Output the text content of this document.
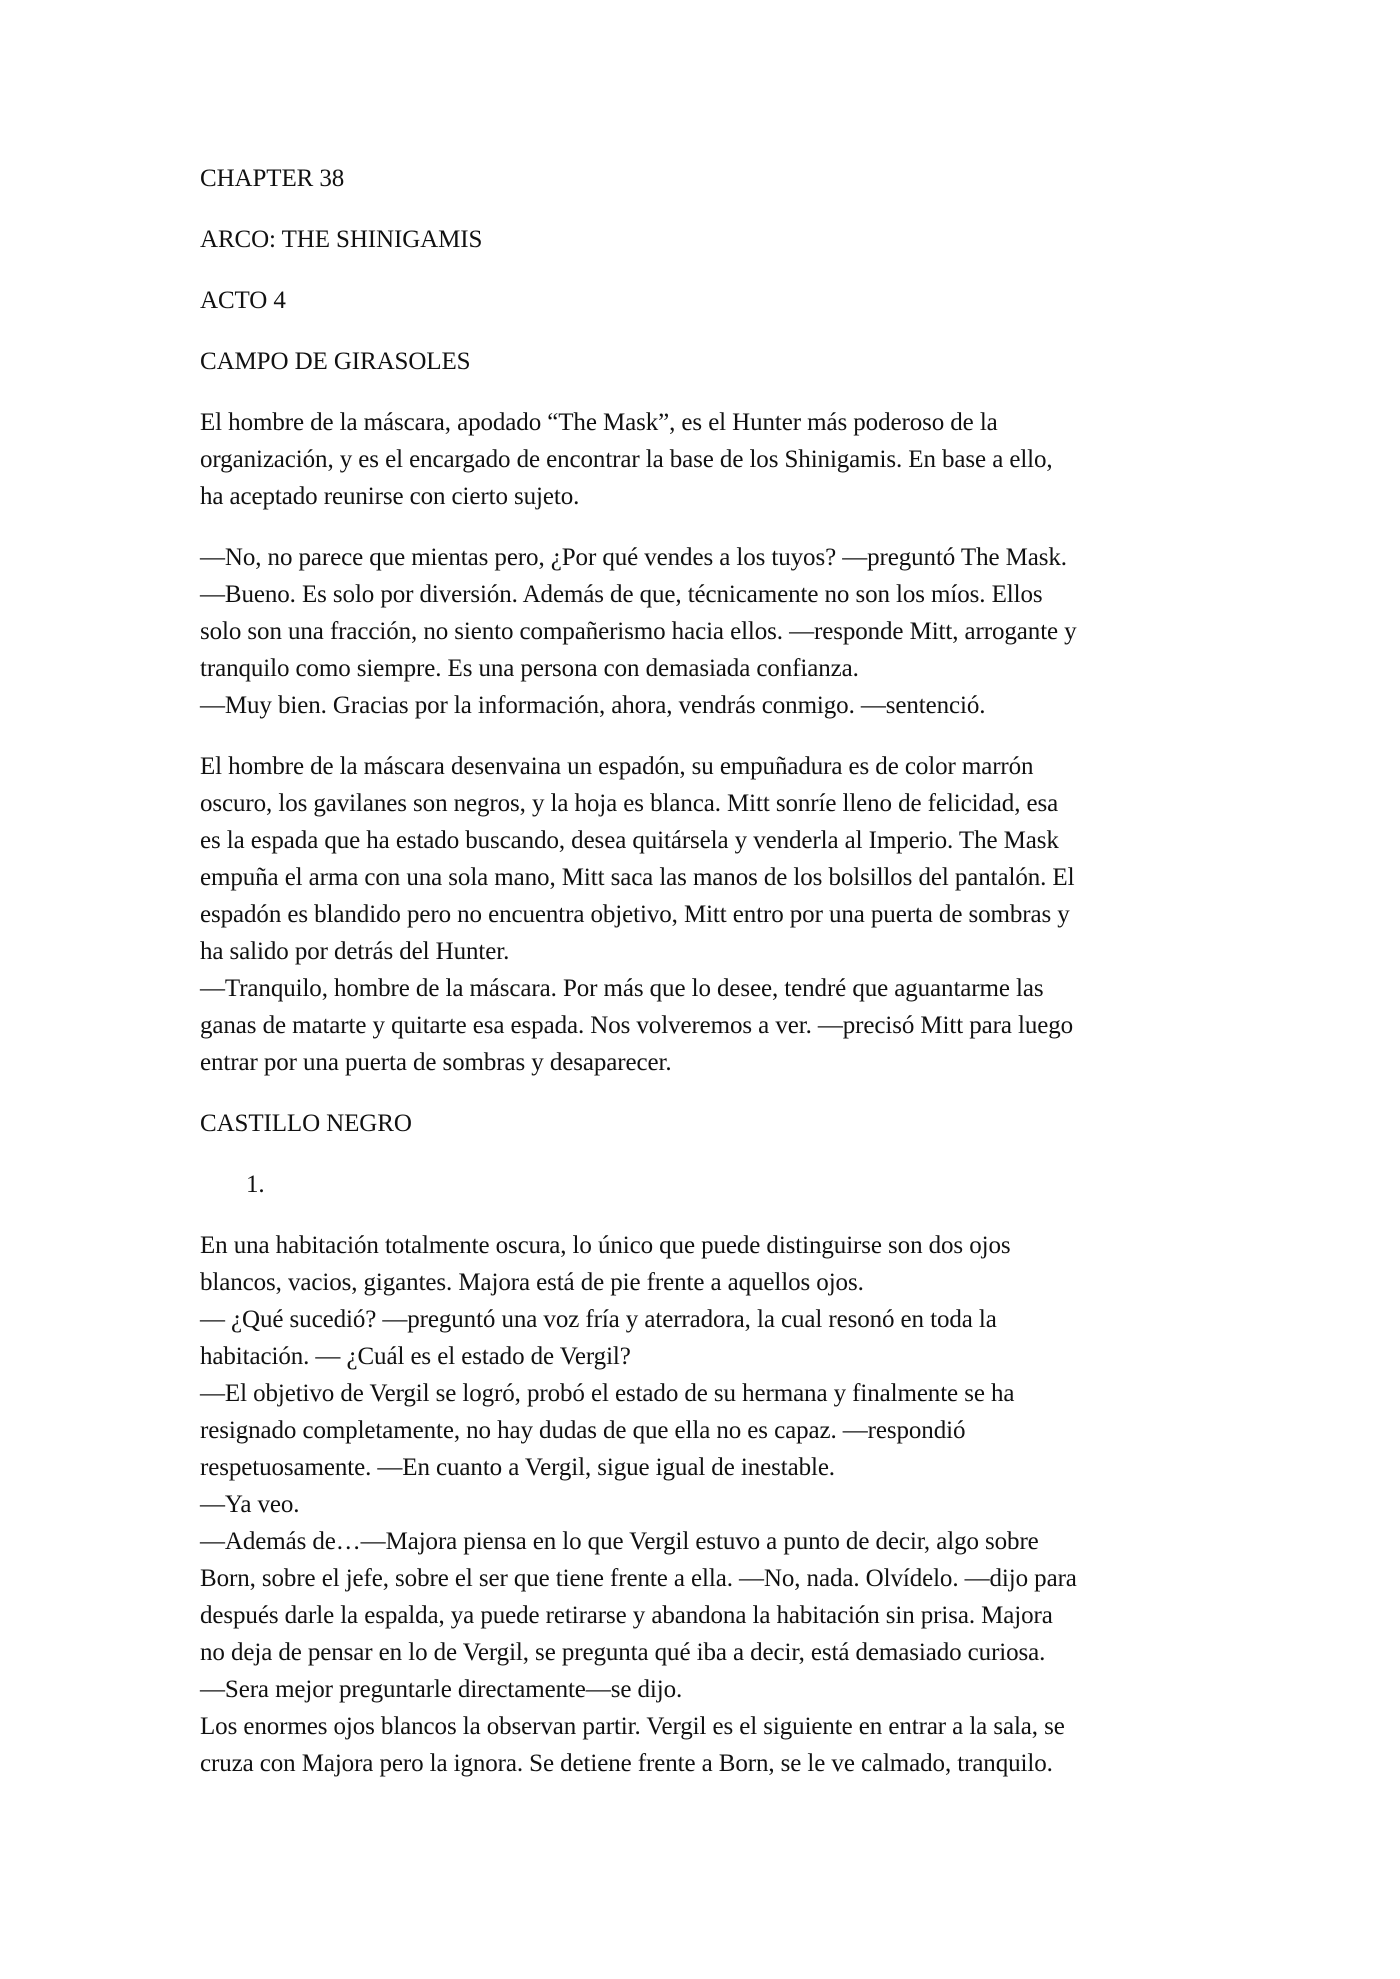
CHAPTER 38
ARCO: THE SHINIGAMIS
ACTO 4
CAMPO DE GIRASOLES
El hombre de la máscara, apodado “The Mask”, es el Hunter más poderoso de la
organización, y es el encargado de encontrar la base de los Shinigamis. En base a ello,
ha aceptado reunirse con cierto sujeto.
—No, no parece que mientas pero, ¿Por qué vendes a los tuyos? —preguntó The Mask.
—Bueno. Es solo por diversión. Además de que, técnicamente no son los míos. Ellos
solo son una fracción, no siento compañerismo hacia ellos. —responde Mitt, arrogante y
tranquilo como siempre. Es una persona con demasiada confianza.
—Muy bien. Gracias por la información, ahora, vendrás conmigo. —sentenció.
El hombre de la máscara desenvaina un espadón, su empuñadura es de color marrón
oscuro, los gavilanes son negros, y la hoja es blanca. Mitt sonríe lleno de felicidad, esa
es la espada que ha estado buscando, desea quitársela y venderla al Imperio. The Mask
empuña el arma con una sola mano, Mitt saca las manos de los bolsillos del pantalón. El
espadón es blandido pero no encuentra objetivo, Mitt entro por una puerta de sombras y
ha salido por detrás del Hunter.
—Tranquilo, hombre de la máscara. Por más que lo desee, tendré que aguantarme las
ganas de matarte y quitarte esa espada. Nos volveremos a ver. —precisó Mitt para luego
entrar por una puerta de sombras y desaparecer.
CASTILLO NEGRO
1.
En una habitación totalmente oscura, lo único que puede distinguirse son dos ojos
blancos, vacios, gigantes. Majora está de pie frente a aquellos ojos.
— ¿Qué sucedió? —preguntó una voz fría y aterradora, la cual resonó en toda la
habitación. — ¿Cuál es el estado de Vergil?
—El objetivo de Vergil se logró, probó el estado de su hermana y finalmente se ha
resignado completamente, no hay dudas de que ella no es capaz. —respondió
respetuosamente. —En cuanto a Vergil, sigue igual de inestable.
—Ya veo.
—Además de…—Majora piensa en lo que Vergil estuvo a punto de decir, algo sobre
Born, sobre el jefe, sobre el ser que tiene frente a ella. —No, nada. Olvídelo. —dijo para
después darle la espalda, ya puede retirarse y abandona la habitación sin prisa. Majora
no deja de pensar en lo de Vergil, se pregunta qué iba a decir, está demasiado curiosa.
—Sera mejor preguntarle directamente—se dijo.
Los enormes ojos blancos la observan partir. Vergil es el siguiente en entrar a la sala, se
cruza con Majora pero la ignora. Se detiene frente a Born, se le ve calmado, tranquilo.
